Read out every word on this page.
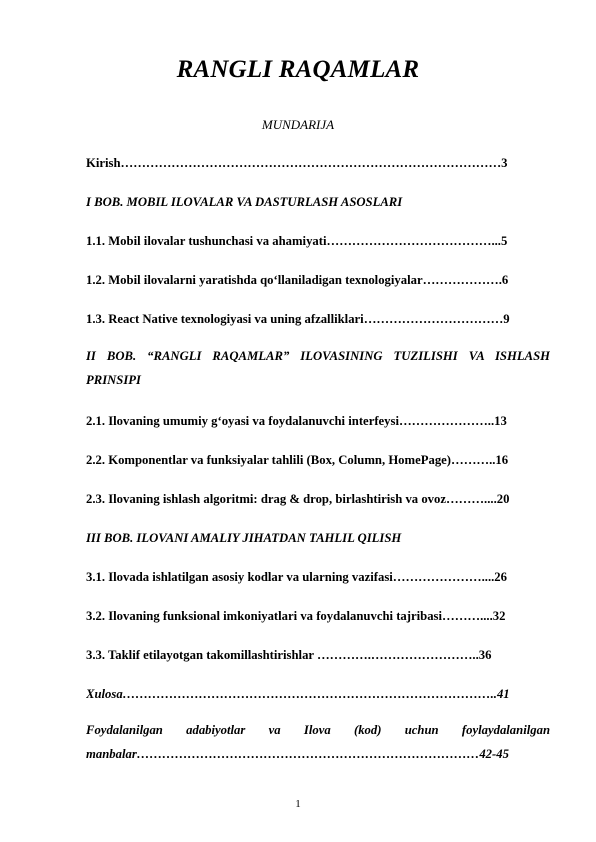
RANGLI RAQAMLAR
MUNDARIJA
Kirish………………………………………………………………………………3
I BOB. MOBIL ILOVALAR VA DASTURLASH ASOSLARI
1.1. Mobil ilovalar tushunchasi va ahamiyati…………………………………...5
1.2. Mobil ilovalarni yaratishda qo‘llaniladigan texnologiyalar……………….6
1.3. React Native texnologiyasi va uning afzalliklari……………………………9
II BOB. “RANGLI RAQAMLAR” ILOVASINING TUZILISHI VA ISHLASH PRINSIPI
2.1. Ilovaning umumiy g‘oyasi va foydalanuvchi interfeysi…………………..13
2.2. Komponentlar va funksiyalar tahlili (Box, Column, HomePage)………..16
2.3. Ilovaning ishlash algoritmi: drag & drop, birlashtirish va ovoz………....20
III BOB. ILOVANI AMALIY JIHATDAN TAHLIL QILISH
3.1. Ilovada ishlatilgan asosiy kodlar va ularning vazifasi…………………....26
3.2. Ilovaning funksional imkoniyatlari va foydalanuvchi tajribasi………....32
3.3. Taklif etilayotgan takomillashtirishlar ………….……………………..36
Xulosa……………………………………………………………………………..41
Foydalanilgan adabiyotlar va Ilova (kod) uchun foylaydalanilgan
manbalar………………………………………………………………………42-45
1
